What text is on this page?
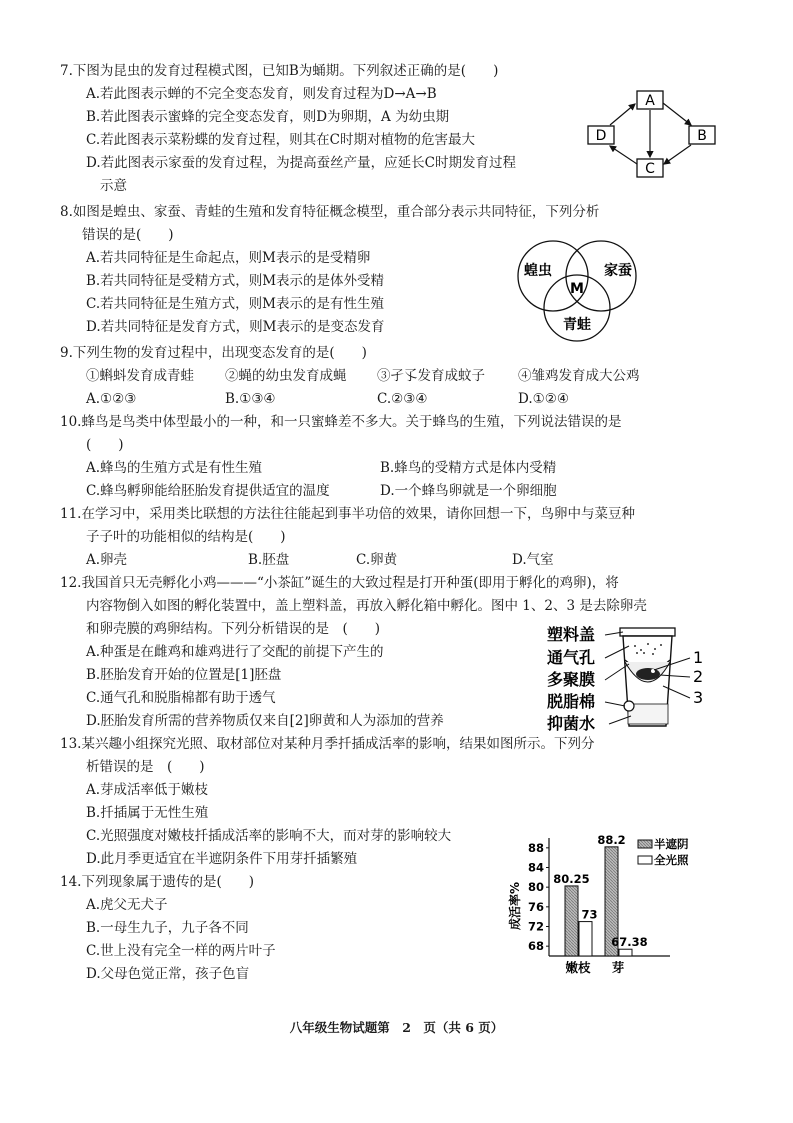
7.下图为昆虫的发育过程模式图，已知B为蛹期。下列叙述正确的是(　　)
A.若此图表示蝉的不完全变态发育，则发育过程为D→A→B
B.若此图表示蜜蜂的完全变态发育，则D为卵期，A 为幼虫期
C.若此图表示菜粉蝶的发育过程，则其在C时期对植物的危害最大
D.若此图表示家蚕的发育过程，为提高蚕丝产量，应延长C时期发育过程
示意
A
B
C
D
8.如图是蝗虫、家蚕、青蛙的生殖和发育特征概念模型，重合部分表示共同特征，下列分析
错误的是(　　)
A.若共同特征是生命起点，则M表示的是受精卵
B.若共同特征是受精方式，则M表示的是体外受精
C.若共同特征是生殖方式，则M表示的是有性生殖
D.若共同特征是发育方式，则M表示的是变态发育
蝗虫	家蚕
青蛙
M
9.下列生物的发育过程中，出现变态发育的是(　　)
①蝌蚪发育成青蛙 ②蝇的幼虫发育成蝇 ③孑孓发育成蚊子 ④雏鸡发育成大公鸡
A.①②③	B.①③④	C.②③④	D.①②④
10.蜂鸟是鸟类中体型最小的一种，和一只蜜蜂差不多大。关于蜂鸟的生殖，下列说法错误的是
(　　)
A.蜂鸟的生殖方式是有性生殖	B.蜂鸟的受精方式是体内受精
C.蜂鸟孵卵能给胚胎发育提供适宜的温度	D.一个蜂鸟卵就是一个卵细胞
11.在学习中，采用类比联想的方法往往能起到事半功倍的效果，请你回想一下，鸟卵中与菜豆种
子子叶的功能相似的结构是(　　)
A.卵壳	B.胚盘	C.卵黄	D.气室
12.我国首只无壳孵化小鸡———“小茶缸”诞生的大致过程是打开种蛋(即用于孵化的鸡卵)，将
内容物倒入如图的孵化装置中，盖上塑料盖，再放入孵化箱中孵化。图中 1、2、3 是去除卵壳
和卵壳膜的鸡卵结构。下列分析错误的是　(　　)
A.种蛋是在雌鸡和雄鸡进行了交配的前提下产生的
B.胚胎发育开始的位置是[1]胚盘
C.通气孔和脱脂棉都有助于透气
D.胚胎发育所需的营养物质仅来自[2]卵黄和人为添加的营养
塑料盖
通气孔
多聚膜
脱脂棉
抑菌水
1
2
3
13.某兴趣小组探究光照、取材部位对某种月季扦插成活率的影响，结果如图所示。下列分
析错误的是　(　　)
A.芽成活率低于嫩枝
B.扦插属于无性生殖
C.光照强度对嫩枝扦插成活率的影响不大，而对芽的影响较大
D.此月季更适宜在半遮阴条件下用芽扦插繁殖
成活率%
68
72
76
80
84
88
80.25
73
88.2
67.38
嫩枝 芽
半遮阴
全光照
14.下列现象属于遗传的是(　　)
A.虎父无犬子
B.一母生九子，九子各不同
C.世上没有完全一样的两片叶子
D.父母色觉正常，孩子色盲
八年级生物试题第　2　页（共 6 页）
